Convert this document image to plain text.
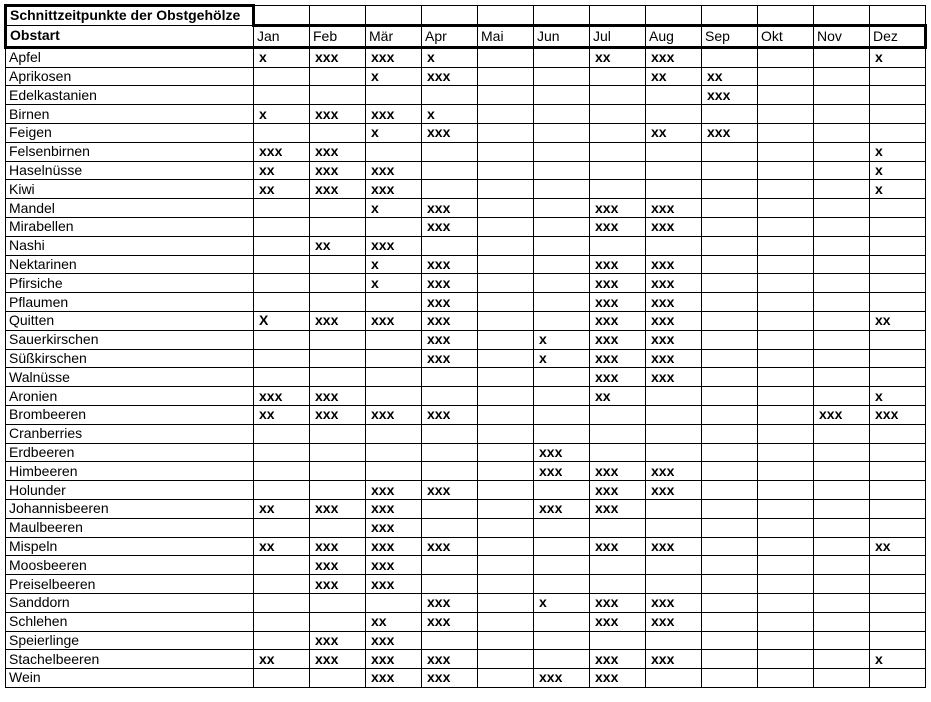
Schnittzeitpunkte der Obstgehölze												
Obstart	Jan	Feb	Mär	Apr	Mai	Jun	Jul	Aug	Sep	Okt	Nov	Dez
Apfel	x	xxx	xxx	x			xx	xxx				x
Aprikosen			x	xxx				xx	xx			
Edelkastanien									xxx			
Birnen	x	xxx	xxx	x								
Feigen			x	xxx				xx	xxx			
Felsenbirnen	xxx	xxx										x
Haselnüsse	xx	xxx	xxx									x
Kiwi	xx	xxx	xxx									x
Mandel			x	xxx			xxx	xxx				
Mirabellen				xxx			xxx	xxx				
Nashi		xx	xxx									
Nektarinen			x	xxx			xxx	xxx				
Pfirsiche			x	xxx			xxx	xxx				
Pflaumen				xxx			xxx	xxx				
Quitten	X	xxx	xxx	xxx			xxx	xxx				xx
Sauerkirschen				xxx		x	xxx	xxx				
Süßkirschen				xxx		x	xxx	xxx				
Walnüsse							xxx	xxx				
Aronien	xxx	xxx					xx					x
Brombeeren	xx	xxx	xxx	xxx							xxx	xxx
Cranberries												
Erdbeeren						xxx						
Himbeeren						xxx	xxx	xxx				
Holunder			xxx	xxx			xxx	xxx				
Johannisbeeren	xx	xxx	xxx			xxx	xxx					
Maulbeeren			xxx									
Mispeln	xx	xxx	xxx	xxx			xxx	xxx				xx
Moosbeeren		xxx	xxx									
Preiselbeeren		xxx	xxx									
Sanddorn				xxx		x	xxx	xxx				
Schlehen			xx	xxx			xxx	xxx				
Speierlinge		xxx	xxx									
Stachelbeeren	xx	xxx	xxx	xxx			xxx	xxx				x
Wein			xxx	xxx		xxx	xxx					
